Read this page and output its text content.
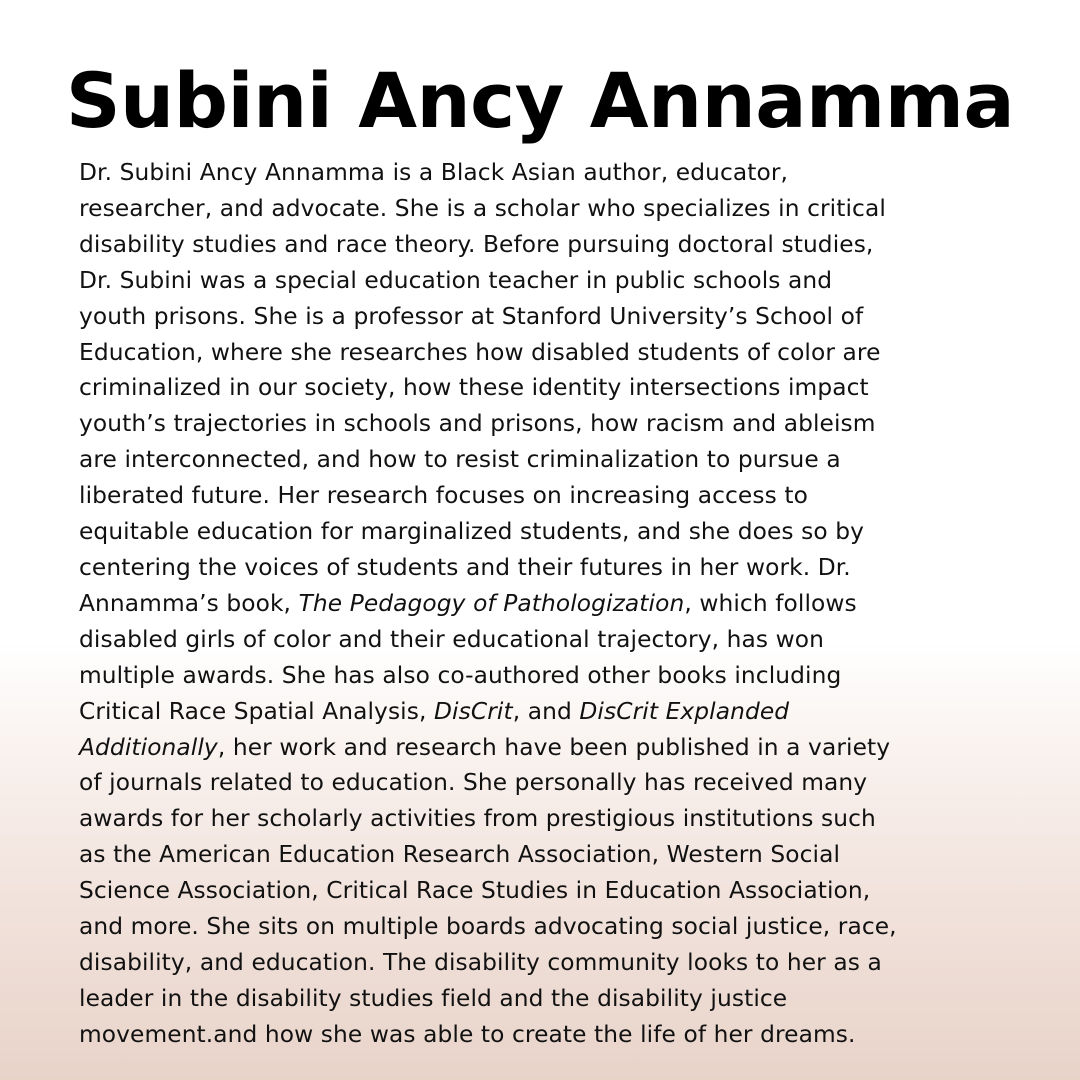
Subini Ancy Annamma

Dr. Subini Ancy Annamma is a Black Asian author, educator,
researcher, and advocate. She is a scholar who specializes in critical
disability studies and race theory. Before pursuing doctoral studies,
Dr. Subini was a special education teacher in public schools and
youth prisons. She is a professor at Stanford University’s School of
Education, where she researches how disabled students of color are
criminalized in our society, how these identity intersections impact
youth’s trajectories in schools and prisons, how racism and ableism
are interconnected, and how to resist criminalization to pursue a
liberated future. Her research focuses on increasing access to
equitable education for marginalized students, and she does so by
centering the voices of students and their futures in her work. Dr.
Annamma’s book, The Pedagogy of Pathologization, which follows
disabled girls of color and their educational trajectory, has won
multiple awards. She has also co-authored other books including
Critical Race Spatial Analysis, DisCrit, and DisCrit Explanded
Additionally, her work and research have been published in a variety
of journals related to education. She personally has received many
awards for her scholarly activities from prestigious institutions such
as the American Education Research Association, Western Social
Science Association, Critical Race Studies in Education Association,
and more. She sits on multiple boards advocating social justice, race,
disability, and education. The disability community looks to her as a
leader in the disability studies field and the disability justice
movement.and how she was able to create the life of her dreams.
